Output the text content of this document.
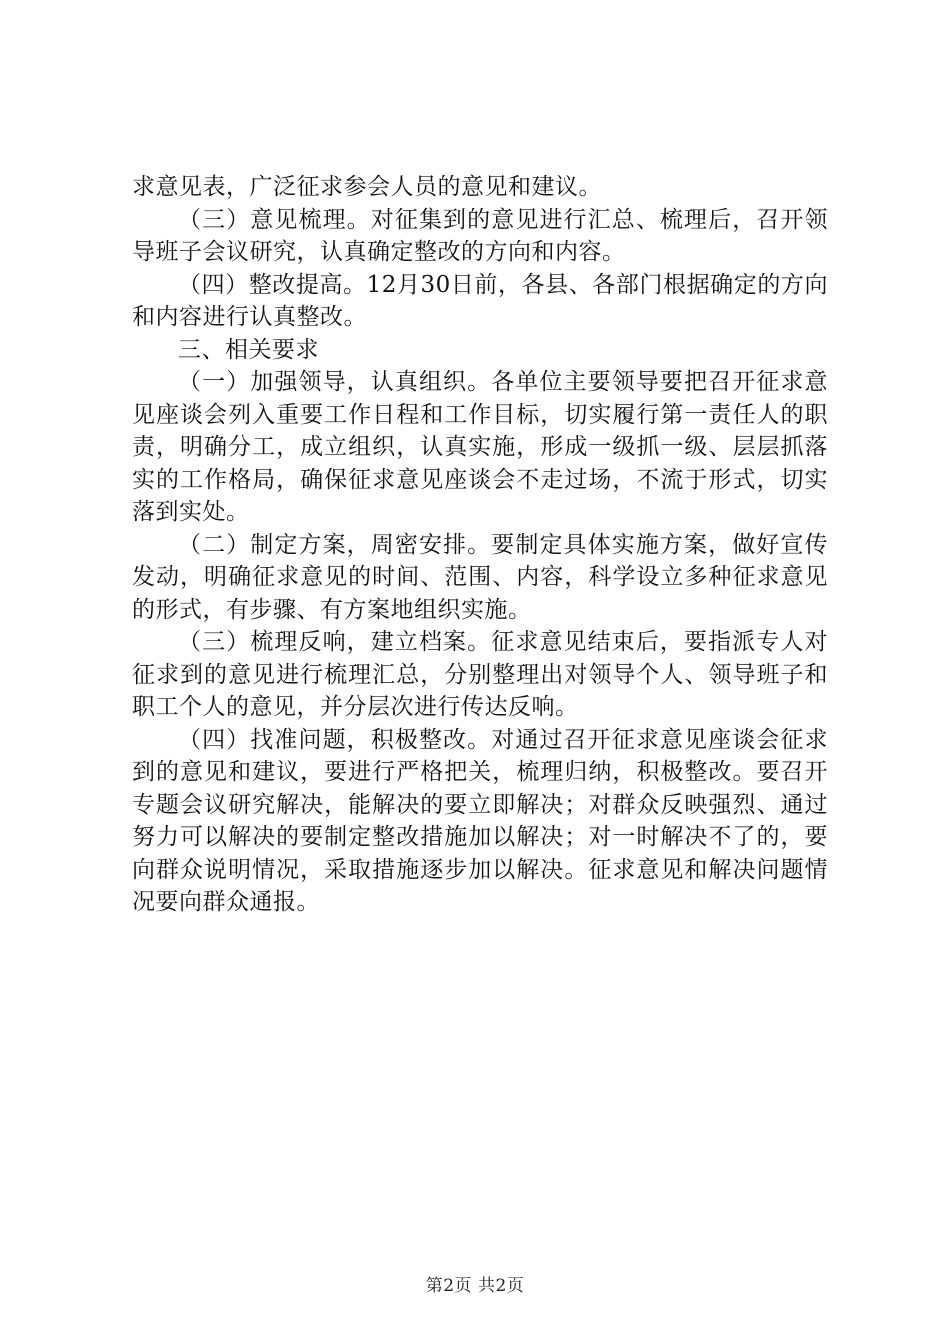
求意见表，广泛征求参会人员的意见和建议。

（三）意见梳理。对征集到的意见进行汇总、梳理后，召开领导班子会议研究，认真确定整改的方向和内容。

（四）整改提高。12月30日前，各县、各部门根据确定的方向和内容进行认真整改。

三、相关要求

（一）加强领导，认真组织。各单位主要领导要把召开征求意见座谈会列入重要工作日程和工作目标，切实履行第一责任人的职责，明确分工，成立组织，认真实施，形成一级抓一级、层层抓落实的工作格局，确保征求意见座谈会不走过场，不流于形式，切实落到实处。

（二）制定方案，周密安排。要制定具体实施方案，做好宣传发动，明确征求意见的时间、范围、内容，科学设立多种征求意见的形式，有步骤、有方案地组织实施。

（三）梳理反响，建立档案。征求意见结束后，要指派专人对征求到的意见进行梳理汇总，分别整理出对领导个人、领导班子和职工个人的意见，并分层次进行传达反响。

（四）找准问题，积极整改。对通过召开征求意见座谈会征求到的意见和建议，要进行严格把关，梳理归纳，积极整改。要召开专题会议研究解决，能解决的要立即解决；对群众反映强烈、通过努力可以解决的要制定整改措施加以解决；对一时解决不了的，要向群众说明情况，采取措施逐步加以解决。征求意见和解决问题情况要向群众通报。

第2页 共2页
